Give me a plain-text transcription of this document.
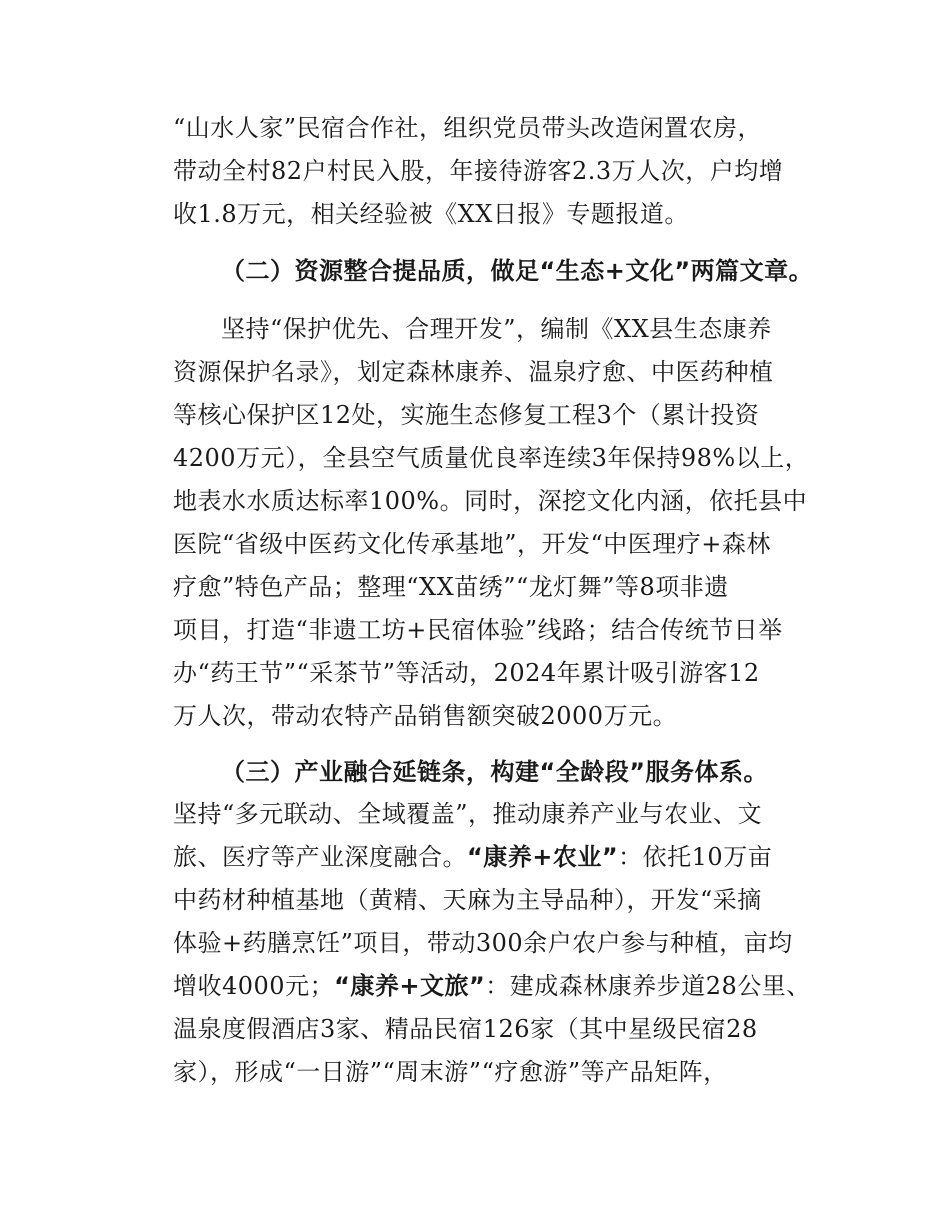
“山水人家”民宿合作社，组织党员带头改造闲置农房，
带动全村82户村民入股，年接待游客2.3万人次，户均增
收1.8万元，相关经验被《XX日报》专题报道。
（二）资源整合提品质，做足“生态+文化”两篇文章。
坚持“保护优先、合理开发”，编制《XX县生态康养
资源保护名录》，划定森林康养、温泉疗愈、中医药种植
等核心保护区12处，实施生态修复工程3个（累计投资
4200万元），全县空气质量优良率连续3年保持98%以上，
地表水水质达标率100%。同时，深挖文化内涵，依托县中
医院“省级中医药文化传承基地”，开发“中医理疗+森林
疗愈”特色产品；整理“XX苗绣”“龙灯舞”等8项非遗
项目，打造“非遗工坊+民宿体验”线路；结合传统节日举
办“药王节”“采茶节”等活动，2024年累计吸引游客12
万人次，带动农特产品销售额突破2000万元。
（三）产业融合延链条，构建“全龄段”服务体系。
坚持“多元联动、全域覆盖”，推动康养产业与农业、文
旅、医疗等产业深度融合。“康养+农业”：依托10万亩
中药材种植基地（黄精、天麻为主导品种），开发“采摘
体验+药膳烹饪”项目，带动300余户农户参与种植，亩均
增收4000元；“康养+文旅”：建成森林康养步道28公里、
温泉度假酒店3家、精品民宿126家（其中星级民宿28
家），形成“一日游”“周末游”“疗愈游”等产品矩阵，
